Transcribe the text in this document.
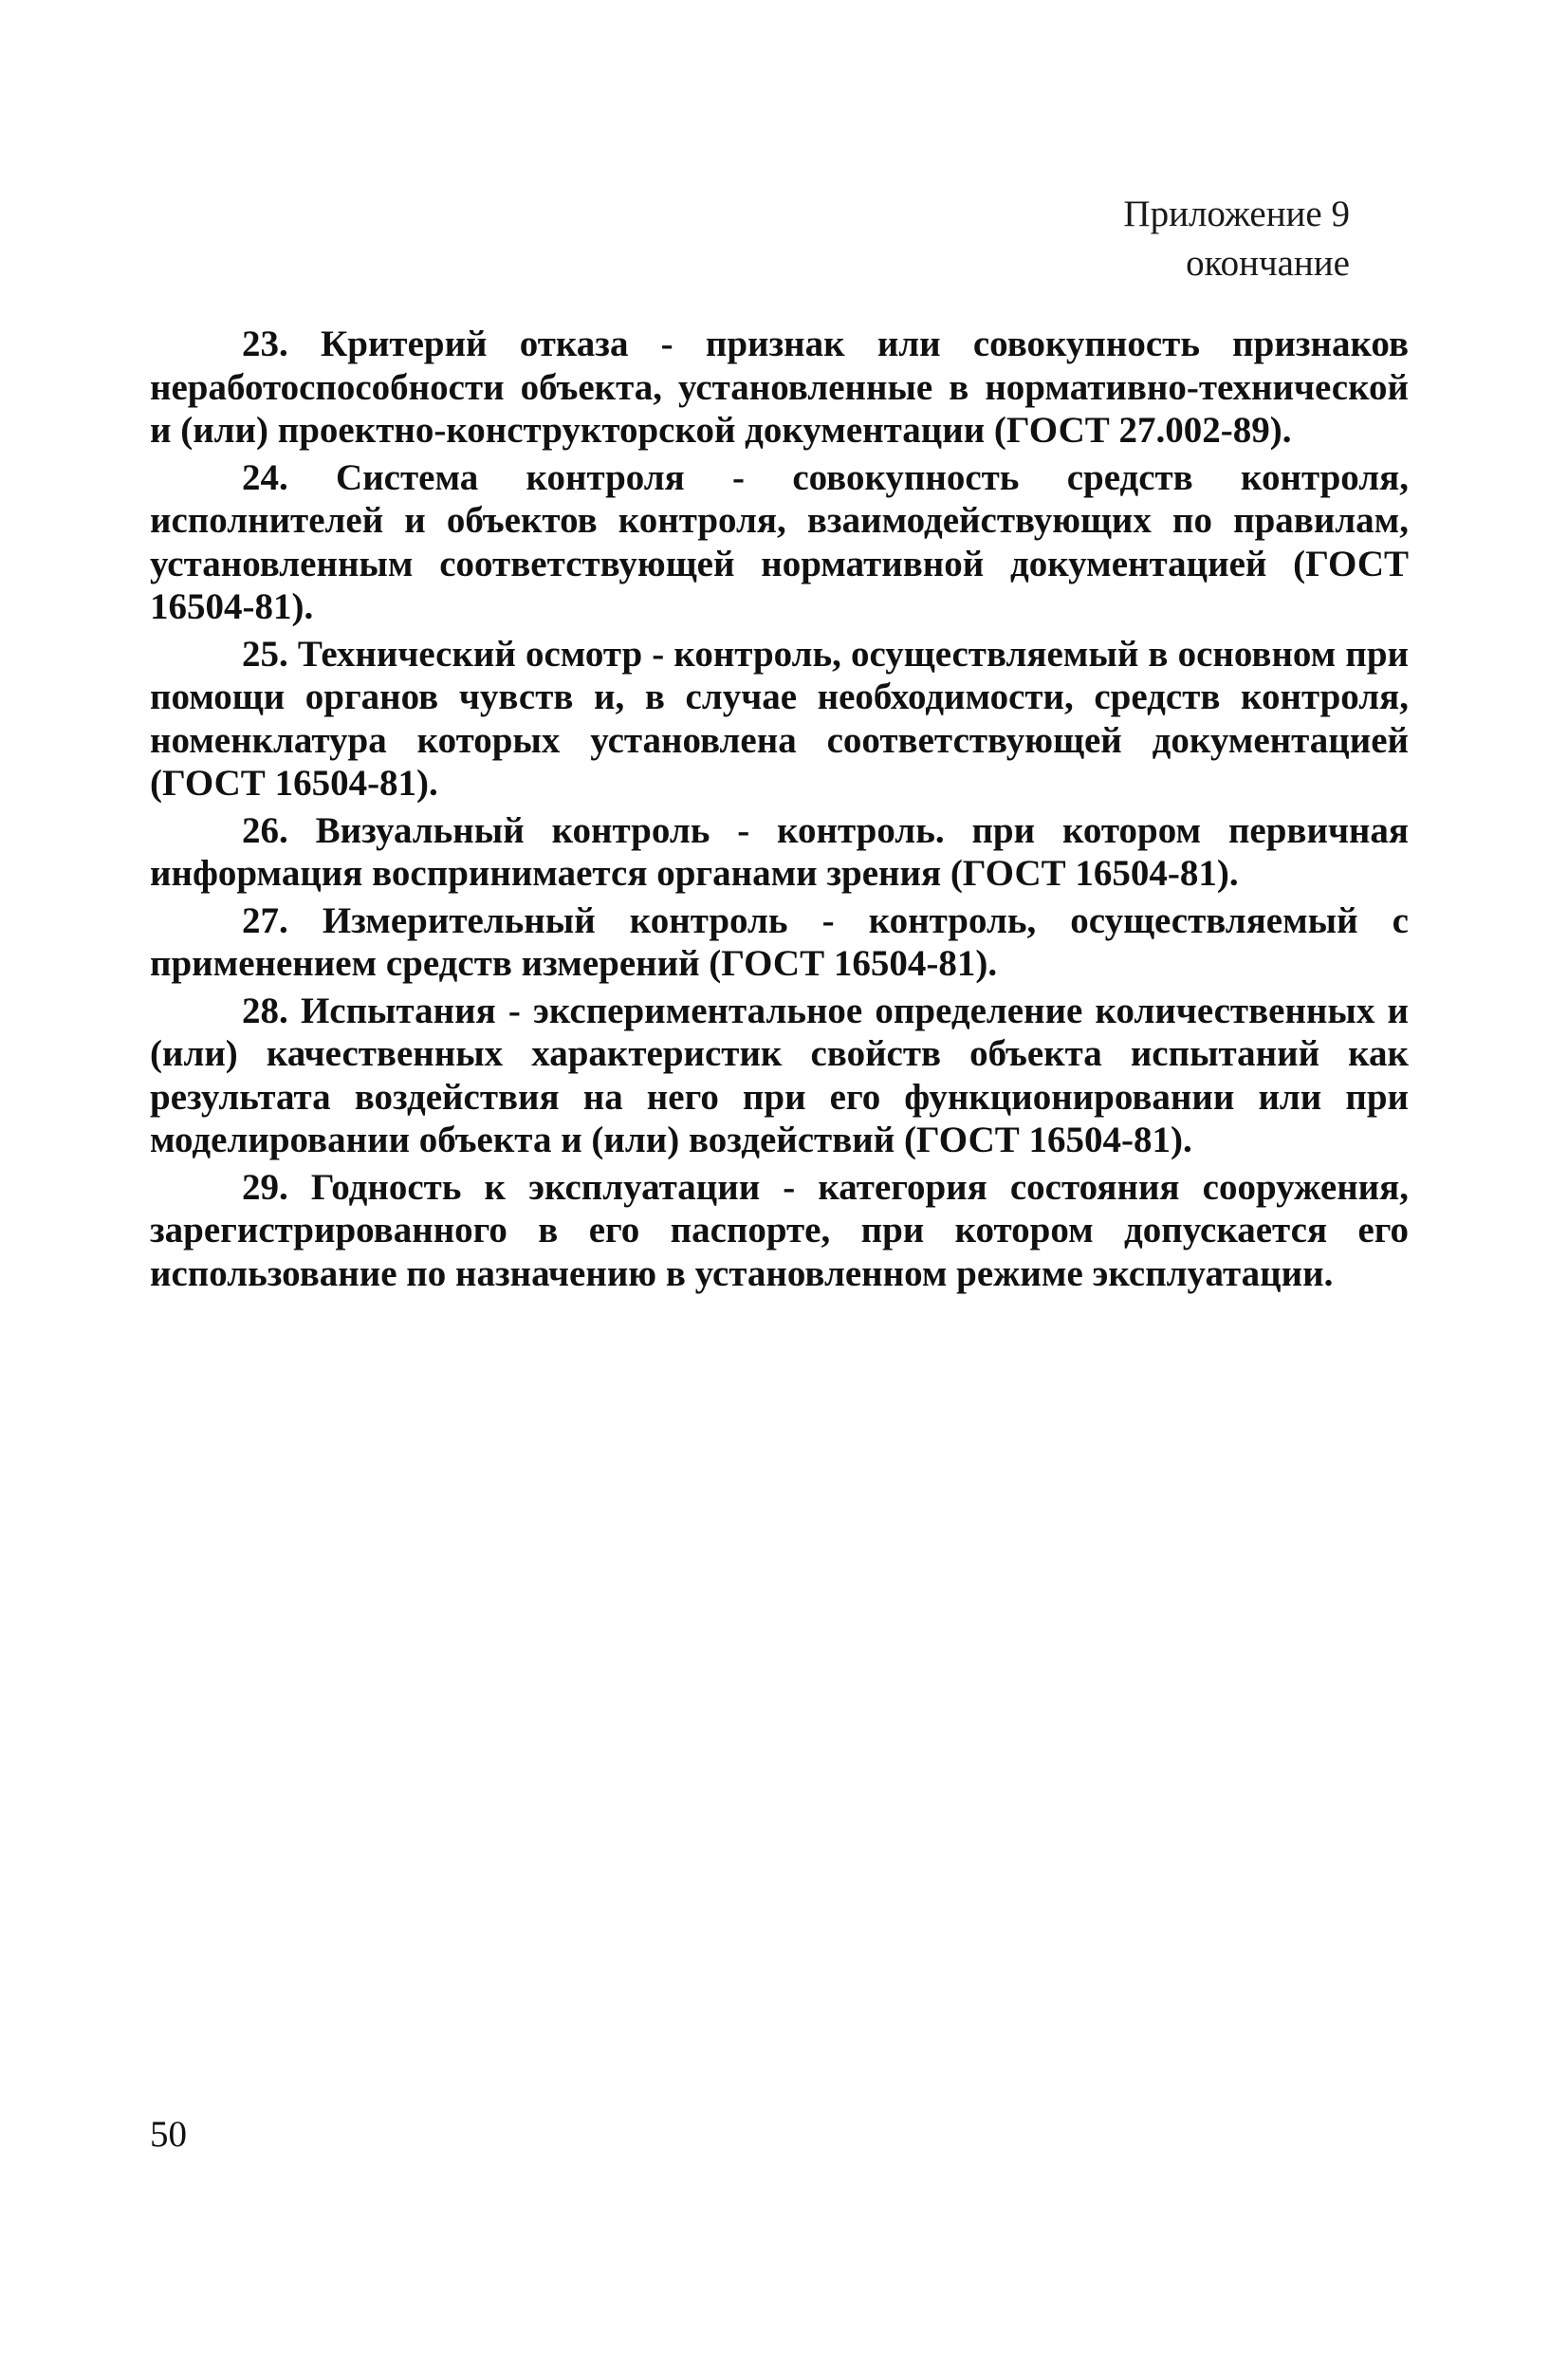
Приложение 9
окончание

23. Критерий отказа - признак или совокупность признаков неработоспособности объекта, установленные в нормативно-технической и (или) проектно-конструкторской документации (ГОСТ 27.002-89).

24. Система контроля - совокупность средств контроля, исполнителей и объектов контроля, взаимодействующих по правилам, установленным соответствующей нормативной документацией (ГОСТ 16504-81).

25. Технический осмотр - контроль, осуществляемый в основном при помощи органов чувств и, в случае необходимости, средств контроля, номенклатура которых установлена соответствующей документацией (ГОСТ 16504-81).

26. Визуальный контроль - контроль. при котором первичная информация воспринимается органами зрения (ГОСТ 16504-81).

27. Измерительный контроль - контроль, осуществляемый с применением средств измерений (ГОСТ 16504-81).

28. Испытания - экспериментальное определение количественных и (или) качественных характеристик свойств объекта испытаний как результата воздействия на него при его функционировании или при моделировании объекта и (или) воздействий (ГОСТ 16504-81).

29. Годность к эксплуатации - категория состояния сооружения, зарегистрированного в его паспорте, при котором допускается его использование по назначению в установленном режиме эксплуатации.

50
